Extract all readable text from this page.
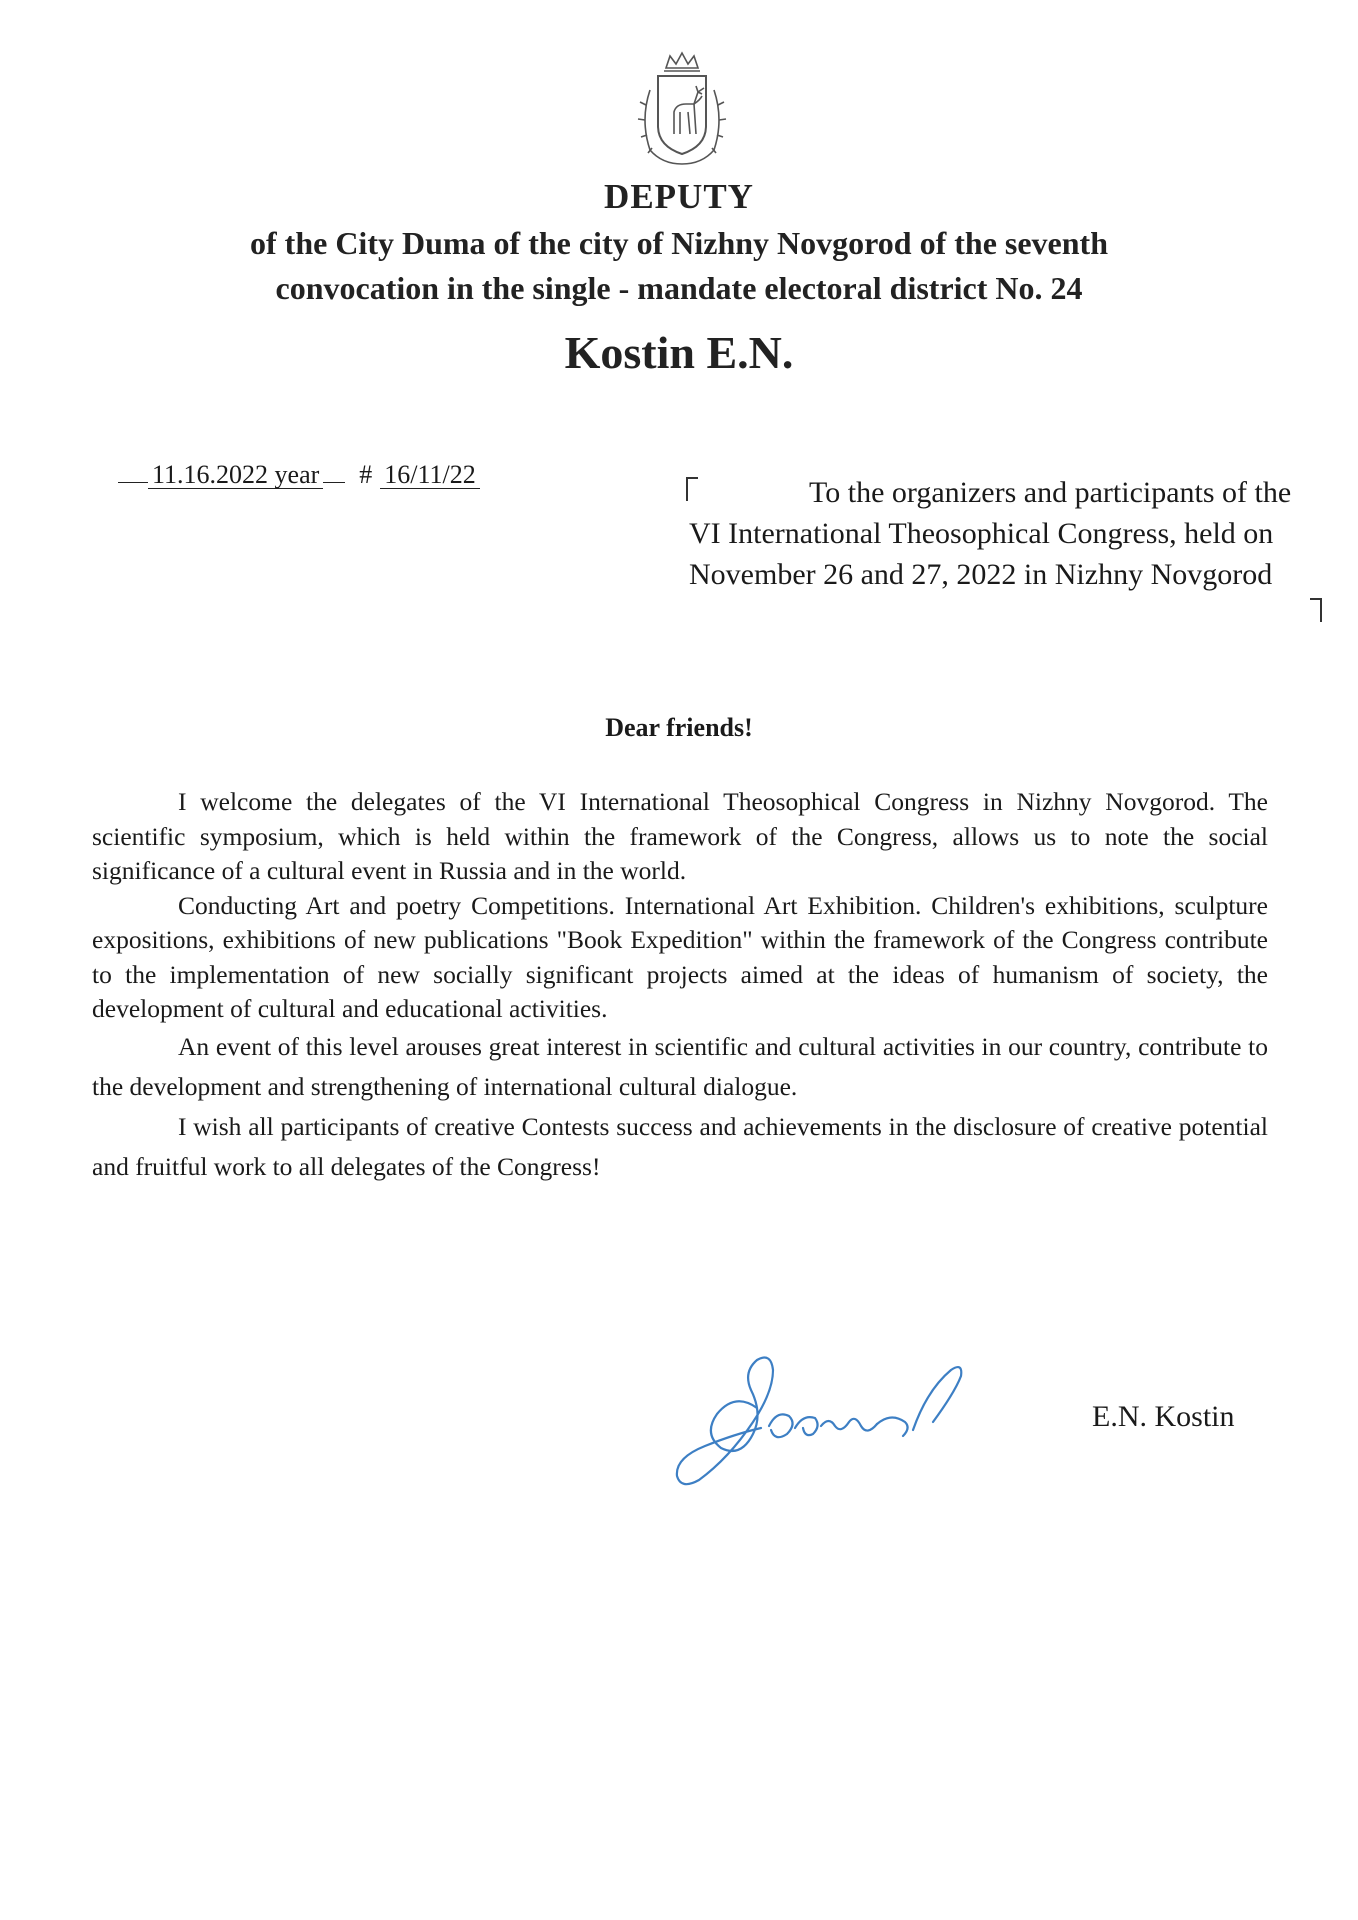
DEPUTY
of the City Duma of the city of Nizhny Novgorod of the seventh
convocation in the single - mandate electoral district No. 24
Kostin E.N.
11.16.2022 year # 16/11/22
To the organizers and participants of the VI International Theosophical Congress, held on November 26 and 27, 2022 in Nizhny Novgorod
Dear friends!

I welcome the delegates of the VI International Theosophical Congress in Nizhny Novgorod. The scientific symposium, which is held within the framework of the Congress, allows us to note the social significance of a cultural event in Russia and in the world.

Conducting Art and poetry Competitions. International Art Exhibition. Children's exhibitions, sculpture expositions, exhibitions of new publications "Book Expedition" within the framework of the Congress contribute to the implementation of new socially significant projects aimed at the ideas of humanism of society, the development of cultural and educational activities.

An event of this level arouses great interest in scientific and cultural activities in our country, contribute to the development and strengthening of international cultural dialogue.

I wish all participants of creative Contests success and achievements in the disclosure of creative potential and fruitful work to all delegates of the Congress!

E.N. Kostin
